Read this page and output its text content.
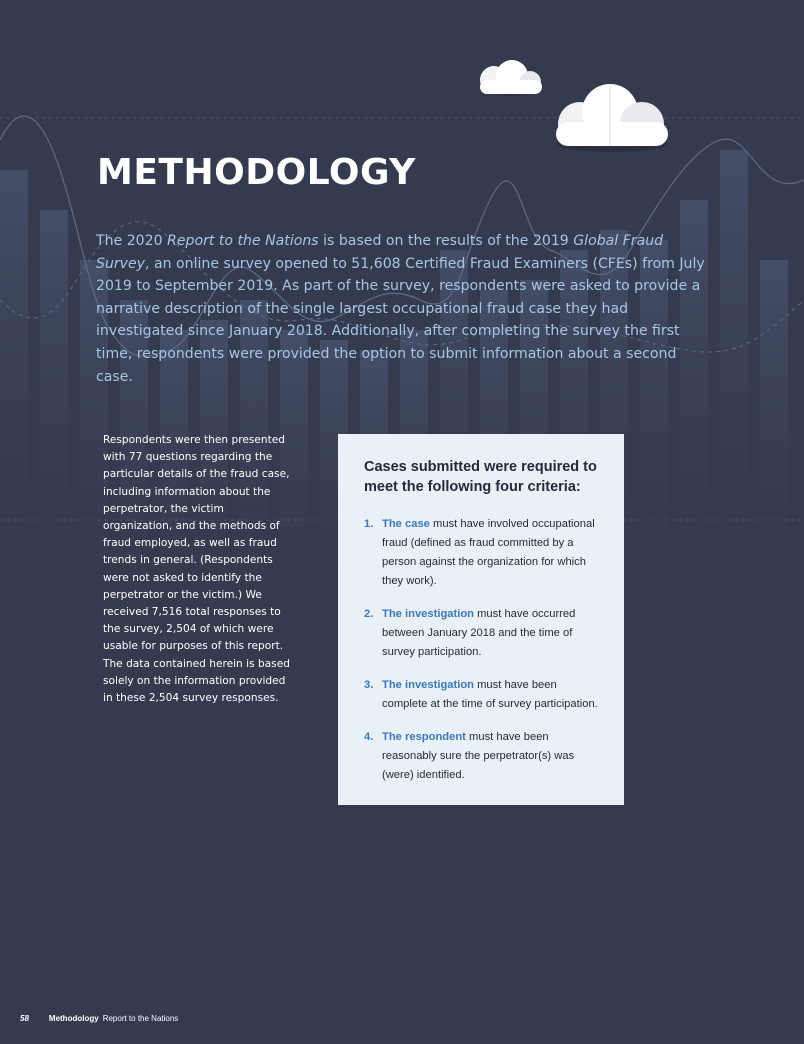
METHODOLOGY

The 2020 Report to the Nations is based on the results of the 2019 Global Fraud Survey, an online survey opened to 51,608 Certified Fraud Examiners (CFEs) from July 2019 to September 2019. As part of the survey, respondents were asked to provide a narrative description of the single largest occupational fraud case they had investigated since January 2018. Additionally, after completing the survey the first time, respondents were provided the option to submit information about a second case.

Respondents were then presented with 77 questions regarding the particular details of the fraud case, including information about the perpetrator, the victim organization, and the methods of fraud employed, as well as fraud trends in general. (Respondents were not asked to identify the perpetrator or the victim.) We received 7,516 total responses to the survey, 2,504 of which were usable for purposes of this report. The data contained herein is based solely on the information provided in these 2,504 survey responses.

Cases submitted were required to meet the following four criteria:
1. The case must have involved occupational fraud (defined as fraud committed by a person against the organization for which they work).
2. The investigation must have occurred between January 2018 and the time of survey participation.
3. The investigation must have been complete at the time of survey participation.
4. The respondent must have been reasonably sure the perpetrator(s) was (were) identified.

58	Methodology Report to the Nations
